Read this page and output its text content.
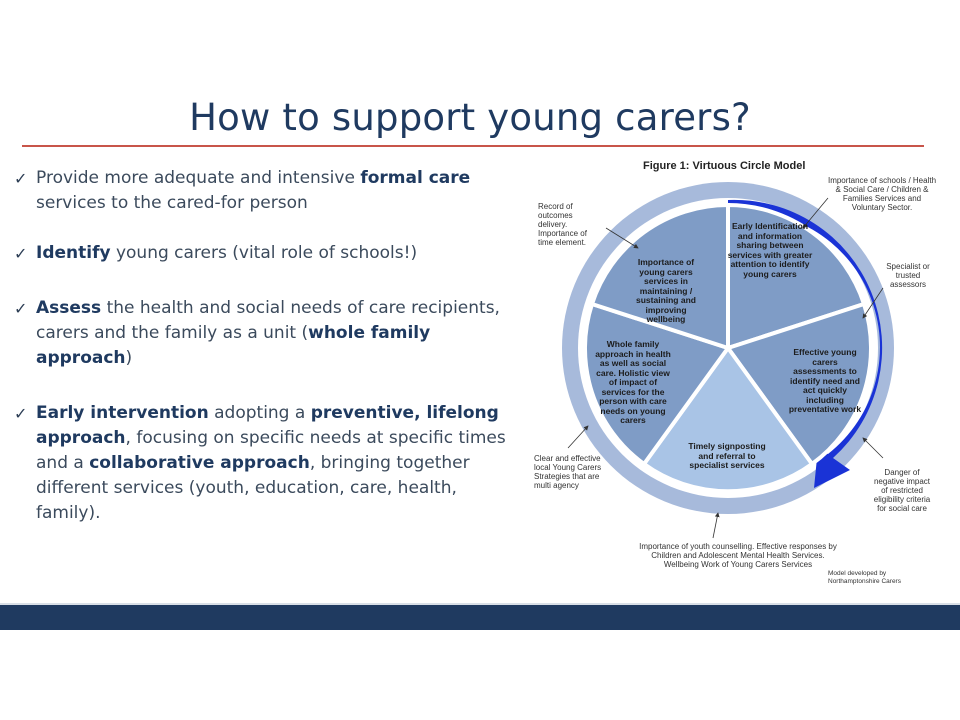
How to support young carers?
✓ Provide more adequate and intensive formal care services to the cared-for person
✓ Identify young carers (vital role of schools!)
✓ Assess the health and social needs of care recipients, carers and the family as a unit (whole family approach)
✓ Early intervention adopting a preventive, lifelong approach, focusing on specific needs at specific times and a collaborative approach, bringing together different services (youth, education, care, health, family).
Figure 1: Virtuous Circle Model
Early Identification and information sharing between services with greater attention to identify young carers
Effective young carers assessments to identify need and act quickly including preventative work
Timely signposting and referral to specialist services
Whole family approach in health as well as social care. Holistic view of impact of services for the person with care needs on young carers
Importance of young carers services in maintaining / sustaining and improving wellbeing
Importance of schools / Health & Social Care / Children & Families Services and Voluntary Sector.
Specialist or trusted assessors
Danger of negative impact of restricted eligibility criteria for social care
Importance of youth counselling. Effective responses by Children and Adolescent Mental Health Services. Wellbeing Work of Young Carers Services
Clear and effective local Young Carers Strategies that are multi agency
Record of outcomes delivery. Importance of time element.
Model developed by Northamptonshire Carers
